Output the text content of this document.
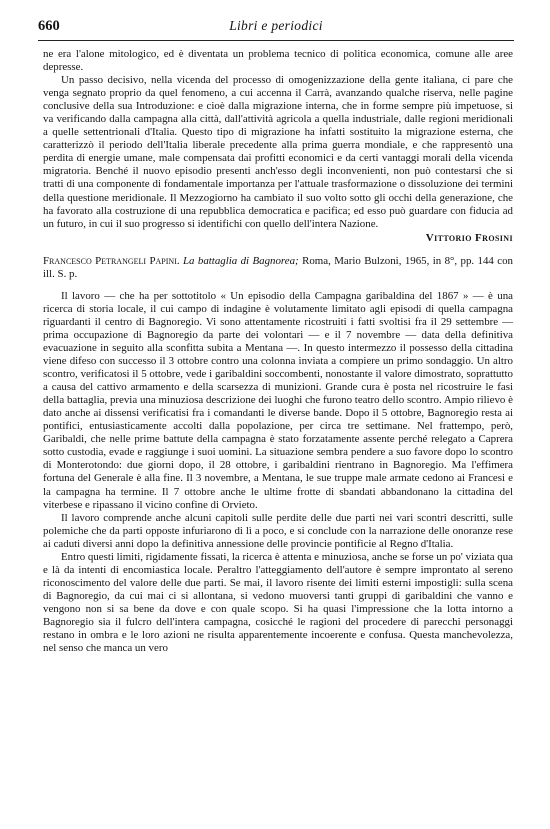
660	Libri e periodici

ne era l'alone mitologico, ed è diventata un problema tecnico di politica economica, comune alle aree depresse.

Un passo decisivo, nella vicenda del processo di omogenizzazione della gente italiana, ci pare che venga segnato proprio da quel fenomeno, a cui accenna il Carrà, avanzando qualche riserva, nelle pagine conclusive della sua Introduzione: e cioè dalla migrazione interna, che in forme sempre più impetuose, si va verificando dalla campagna alla città, dall'attività agricola a quella industriale, dalle regioni meridionali a quelle settentrionali d'Italia. Questo tipo di migrazione ha infatti sostituito la migrazione esterna, che caratterizzò il periodo dell'Italia liberale precedente alla prima guerra mondiale, e che rappresentò una perdita di energie umane, male compensata dai profitti economici e da certi vantaggi morali della vicenda migratoria. Benché il nuovo episodio presenti anch'esso degli inconvenienti, non può contestarsi che si tratti di una componente di fondamentale importanza per l'attuale trasformazione o dissoluzione dei termini della questione meridionale. Il Mezzogiorno ha cambiato il suo volto sotto gli occhi della generazione, che ha favorato alla costruzione di una repubblica democratica e pacifica; ed esso può guardare con fiducia ad un futuro, in cui il suo progresso si identifichi con quello dell'intera Nazione.

Vittorio Frosini

Francesco Petrangeli Papini. La battaglia di Bagnorea; Roma, Mario Bulzoni, 1965, in 8°, pp. 144 con ill. S. p.

Il lavoro — che ha per sottotitolo « Un episodio della Campagna garibaldina del 1867 » — è una ricerca di storia locale, il cui campo di indagine è volutamente limitato agli episodi di quella campagna riguardanti il centro di Bagnoregio. Vi sono attentamente ricostruiti i fatti svoltisi fra il 29 settembre — prima occupazione di Bagnoregio da parte dei volontari — e il 7 novembre — data della definitiva evacuazione in seguito alla sconfitta subita a Mentana —. In questo intermezzo il possesso della cittadina viene difeso con successo il 3 ottobre contro una colonna inviata a compiere un primo sondaggio. Un altro scontro, verificatosi il 5 ottobre, vede i garibaldini soccombenti, nonostante il valore dimostrato, soprattutto a causa del cattivo armamento e della scarsezza di munizioni. Grande cura è posta nel ricostruire le fasi della battaglia, previa una minuziosa descrizione dei luoghi che furono teatro dello scontro. Ampio rilievo è dato anche ai dissensi verificatisi fra i comandanti le diverse bande. Dopo il 5 ottobre, Bagnoregio resta ai pontifici, entusiasticamente accolti dalla popolazione, per circa tre settimane. Nel frattempo, però, Garibaldi, che nelle prime battute della campagna è stato forzatamente assente perché relegato a Caprera sotto custodia, evade e raggiunge i suoi uomini. La situazione sembra pendere a suo favore dopo lo scontro di Monterotondo: due giorni dopo, il 28 ottobre, i garibaldini rientrano in Bagnoregio. Ma l'effimera fortuna del Generale è alla fine. Il 3 novembre, a Mentana, le sue truppe male armate cedono ai Francesi e la campagna ha termine. Il 7 ottobre anche le ultime frotte di sbandati abbandonano la cittadina del viterbese e ripassano il vicino confine di Orvieto.

Il lavoro comprende anche alcuni capitoli sulle perdite delle due parti nei vari scontri descritti, sulle polemiche che da parti opposte infuriarono di lì a poco, e si conclude con la narrazione delle onoranze rese ai caduti diversi anni dopo la definitiva annessione delle provincie pontificie al Regno d'Italia.

Entro questi limiti, rigidamente fissati, la ricerca è attenta e minuziosa, anche se forse un po' viziata qua e là da intenti di encomiastica locale. Peraltro l'atteggiamento dell'autore è sempre improntato al sereno riconoscimento del valore delle due parti. Se mai, il lavoro risente dei limiti esterni impostigli: sulla scena di Bagnoregio, da cui mai ci si allontana, si vedono muoversi tanti gruppi di garibaldini che vanno e vengono non si sa bene da dove e con quale scopo. Si ha quasi l'impressione che la lotta intorno a Bagnoregio sia il fulcro dell'intera campagna, cosicché le ragioni del procedere di parecchi personaggi restano in ombra e le loro azioni ne risulta apparentemente incoerente e confusa. Questa manchevolezza, nel senso che manca un vero
